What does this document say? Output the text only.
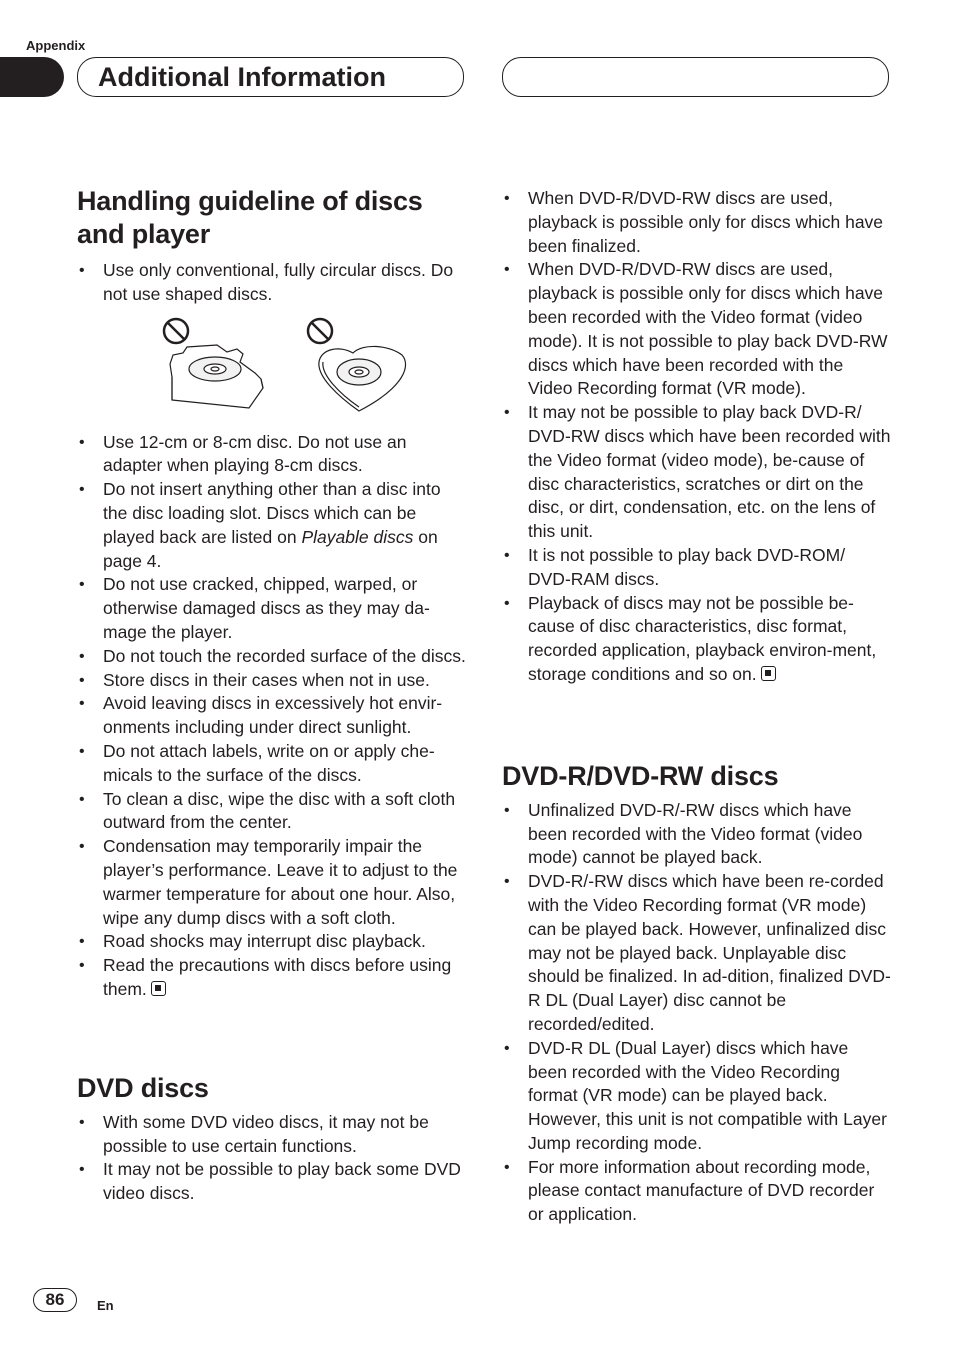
Appendix
Additional Information
Handling guideline of discs
and player
• Use only conventional, fully circular discs. Do not use shaped discs.
• Use 12-cm or 8-cm disc. Do not use an adapter when playing 8-cm discs.
• Do not insert anything other than a disc into the disc loading slot. Discs which can be played back are listed on Playable discs on page 4.
• Do not use cracked, chipped, warped, or otherwise damaged discs as they may da-mage the player.
• Do not touch the recorded surface of the discs.
• Store discs in their cases when not in use.
• Avoid leaving discs in excessively hot envir-onments including under direct sunlight.
• Do not attach labels, write on or apply che-micals to the surface of the discs.
• To clean a disc, wipe the disc with a soft cloth outward from the center.
• Condensation may temporarily impair the player’s performance. Leave it to adjust to the warmer temperature for about one hour. Also, wipe any dump discs with a soft cloth.
• Road shocks may interrupt disc playback.
• Read the precautions with discs before using them.
DVD discs
• With some DVD video discs, it may not be possible to use certain functions.
• It may not be possible to play back some DVD video discs.
• When DVD-R/DVD-RW discs are used, playback is possible only for discs which have been finalized.
• When DVD-R/DVD-RW discs are used, playback is possible only for discs which have been recorded with the Video format (video mode). It is not possible to play back DVD-RW discs which have been recorded with the Video Recording format (VR mode).
• It may not be possible to play back DVD-R/ DVD-RW discs which have been recorded with the Video format (video mode), be-cause of disc characteristics, scratches or dirt on the disc, or dirt, condensation, etc. on the lens of this unit.
• It is not possible to play back DVD-ROM/ DVD-RAM discs.
• Playback of discs may not be possible be-cause of disc characteristics, disc format, recorded application, playback environ-ment, storage conditions and so on.
DVD-R/DVD-RW discs
• Unfinalized DVD-R/-RW discs which have been recorded with the Video format (video mode) cannot be played back.
• DVD-R/-RW discs which have been re-corded with the Video Recording format (VR mode) can be played back. However, unfinalized disc may not be played back. Unplayable disc should be finalized. In ad-dition, finalized DVD-R DL (Dual Layer) disc cannot be recorded/edited.
• DVD-R DL (Dual Layer) discs which have been recorded with the Video Recording format (VR mode) can be played back. However, this unit is not compatible with Layer Jump recording mode.
• For more information about recording mode, please contact manufacture of DVD recorder or application.
86	En
